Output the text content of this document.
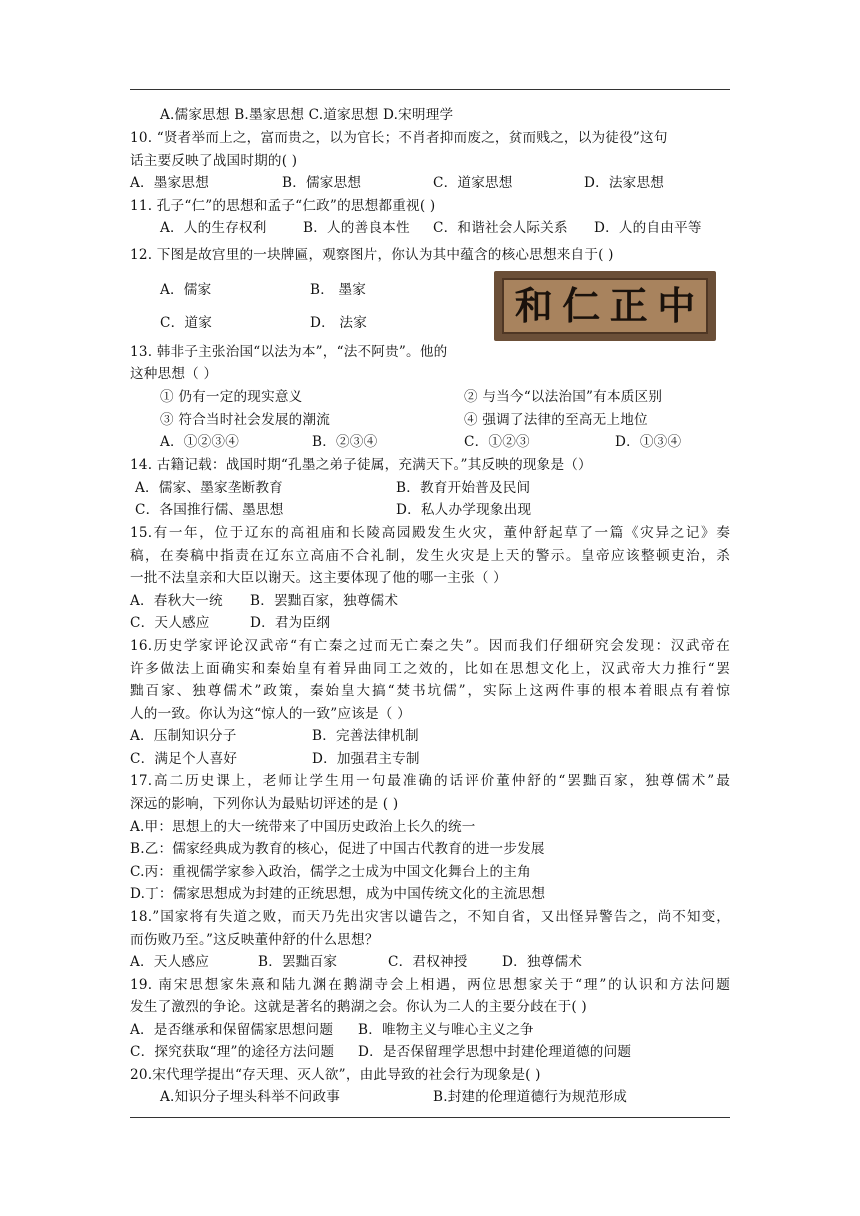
A.儒家思想 B.墨家思想 C.道家思想 D.宋明理学
10. “贤者举而上之，富而贵之，以为官长；不肖者抑而废之，贫而贱之，以为徒役”这句
话主要反映了战国时期的( )
A．墨家思想	B．儒家思想	C．道家思想	D．法家思想
11. 孔子“仁”的思想和孟子“仁政”的思想都重视( )
A．人的生存权利	B．人的善良本性 C．和谐社会人际关系 D．人的自由平等
12. 下图是故宫里的一块牌匾，观察图片，你认为其中蕴含的核心思想来自于( )
A．儒家	B． 墨家
C．道家	D． 法家	和 仁 正 中
13. 韩非子主张治国“以法为本”，“法不阿贵”。他的
这种思想（ ）
① 仍有一定的现实意义	② 与当今“以法治国”有本质区别
③ 符合当时社会发展的潮流	④ 强调了法律的至高无上地位
A．①②③④	B．②③④	C．①②③	D．①③④
14. 古籍记载：战国时期“孔墨之弟子徒属，充满天下。”其反映的现象是（）
A．儒家、墨家垄断教育	B．教育开始普及民间
C．各国推行儒、墨思想	D．私人办学现象出现
15.有一年，位于辽东的高祖庙和长陵高园殿发生火灾，董仲舒起草了一篇《灾异之记》奏
稿，在奏稿中指责在辽东立高庙不合礼制，发生火灾是上天的警示。皇帝应该整顿吏治，杀
一批不法皇亲和大臣以谢天。这主要体现了他的哪一主张（ ）
A．春秋大一统 B．罢黜百家，独尊儒术
C．天人感应	D．君为臣纲
16.历史学家评论汉武帝“有亡秦之过而无亡秦之失”。因而我们仔细研究会发现：汉武帝在
许多做法上面确实和秦始皇有着异曲同工之效的，比如在思想文化上，汉武帝大力推行“罢
黜百家、独尊儒术”政策，秦始皇大搞“焚书坑儒”，实际上这两件事的根本着眼点有着惊
人的一致。你认为这“惊人的一致”应该是（ ）
A．压制知识分子	B．完善法律机制
C．满足个人喜好	D．加强君主专制
17.高二历史课上，老师让学生用一句最准确的话评价董仲舒的“罢黜百家，独尊儒术”最
深远的影响，下列你认为最贴切评述的是 ( )
A.甲：思想上的大一统带来了中国历史政治上长久的统一
B.乙：儒家经典成为教育的核心，促进了中国古代教育的进一步发展
C.丙：重视儒学家参入政治，儒学之士成为中国文化舞台上的主角
D.丁：儒家思想成为封建的正统思想，成为中国传统文化的主流思想
18.”国家将有失道之败，而天乃先出灾害以谴告之，不知自省，又出怪异警告之，尚不知变，
而伤败乃至。”这反映董仲舒的什么思想？
A．天人感应	B．罢黜百家	C．君权神授	D．独尊儒术
19. 南宋思想家朱熹和陆九渊在鹅湖寺会上相遇，两位思想家关于“理”的认识和方法问题
发生了激烈的争论。这就是著名的鹅湖之会。你认为二人的主要分歧在于( )
A．是否继承和保留儒家思想问题 B．唯物主义与唯心主义之争
C．探究获取“理”的途径方法问题 D．是否保留理学思想中封建伦理道德的问题
20.宋代理学提出“存天理、灭人欲”，由此导致的社会行为现象是( )
A.知识分子埋头科举不问政事	B.封建的伦理道德行为规范形成
